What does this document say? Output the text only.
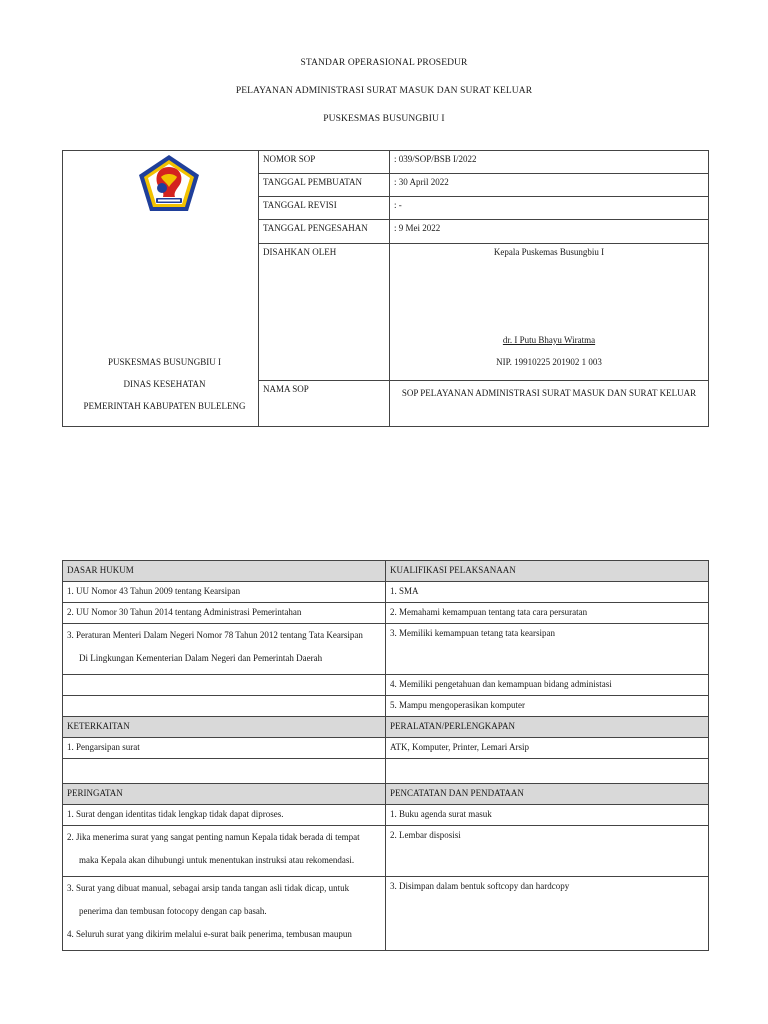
STANDAR OPERASIONAL PROSEDUR
PELAYANAN ADMINISTRASI SURAT MASUK DAN SURAT KELUAR
PUSKESMAS BUSUNGBIU I
PUSKESMAS BUSUNGBIU I
DINAS KESEHATAN
PEMERINTAH KABUPATEN BULELENG	NOMOR SOP	: 039/SOP/BSB I/2022
	TANGGAL PEMBUATAN	: 30 April 2022
	TANGGAL REVISI	: -
	TANGGAL PENGESAHAN	: 9 Mei 2022
	DISAHKAN OLEH	Kepala Puskemas Busungbiu I
dr. I Putu Bhayu Wiratma
NIP. 19910225 201902 1 003

	NAMA SOP	SOP PELAYANAN ADMINISTRASI SURAT MASUK DAN SURAT KELUAR
DASAR HUKUM	KUALIFIKASI PELAKSANAAN
1. UU Nomor 43 Tahun 2009 tentang Kearsipan	1. SMA
2. UU Nomor 30 Tahun 2014 tentang Administrasi Pemerintahan	2. Memahami kemampuan tentang tata cara persuratan

3. Peraturan Menteri Dalam Negeri Nomor 78 Tahun 2012 tentang Tata Kearsipan
Di Lingkungan Kementerian Dalam Negeri dan Pemerintah Daerah	3. Memiliki kemampuan tetang tata kearsipan
	4. Memiliki pengetahuan dan kemampuan bidang administasi
	5. Mampu mengoperasikan komputer
KETERKAITAN	PERALATAN/PERLENGKAPAN
1. Pengarsipan surat	ATK, Komputer, Printer, Lemari Arsip

PERINGATAN	PENCATATAN DAN PENDATAAN
1. Surat dengan identitas tidak lengkap tidak dapat diproses.	1. Buku agenda surat masuk

2. Jika menerima surat yang sangat penting namun Kepala tidak berada di tempat
maka Kepala akan dihubungi untuk menentukan instruksi atau rekomendasi.	2. Lembar disposisi

3. Surat yang dibuat manual, sebagai arsip tanda tangan asli tidak dicap, untuk
penerima dan tembusan fotocopy dengan cap basah.
4. Seluruh surat yang dikirim melalui e-surat baik penerima, tembusan maupun	3. Disimpan dalam bentuk softcopy dan hardcopy
